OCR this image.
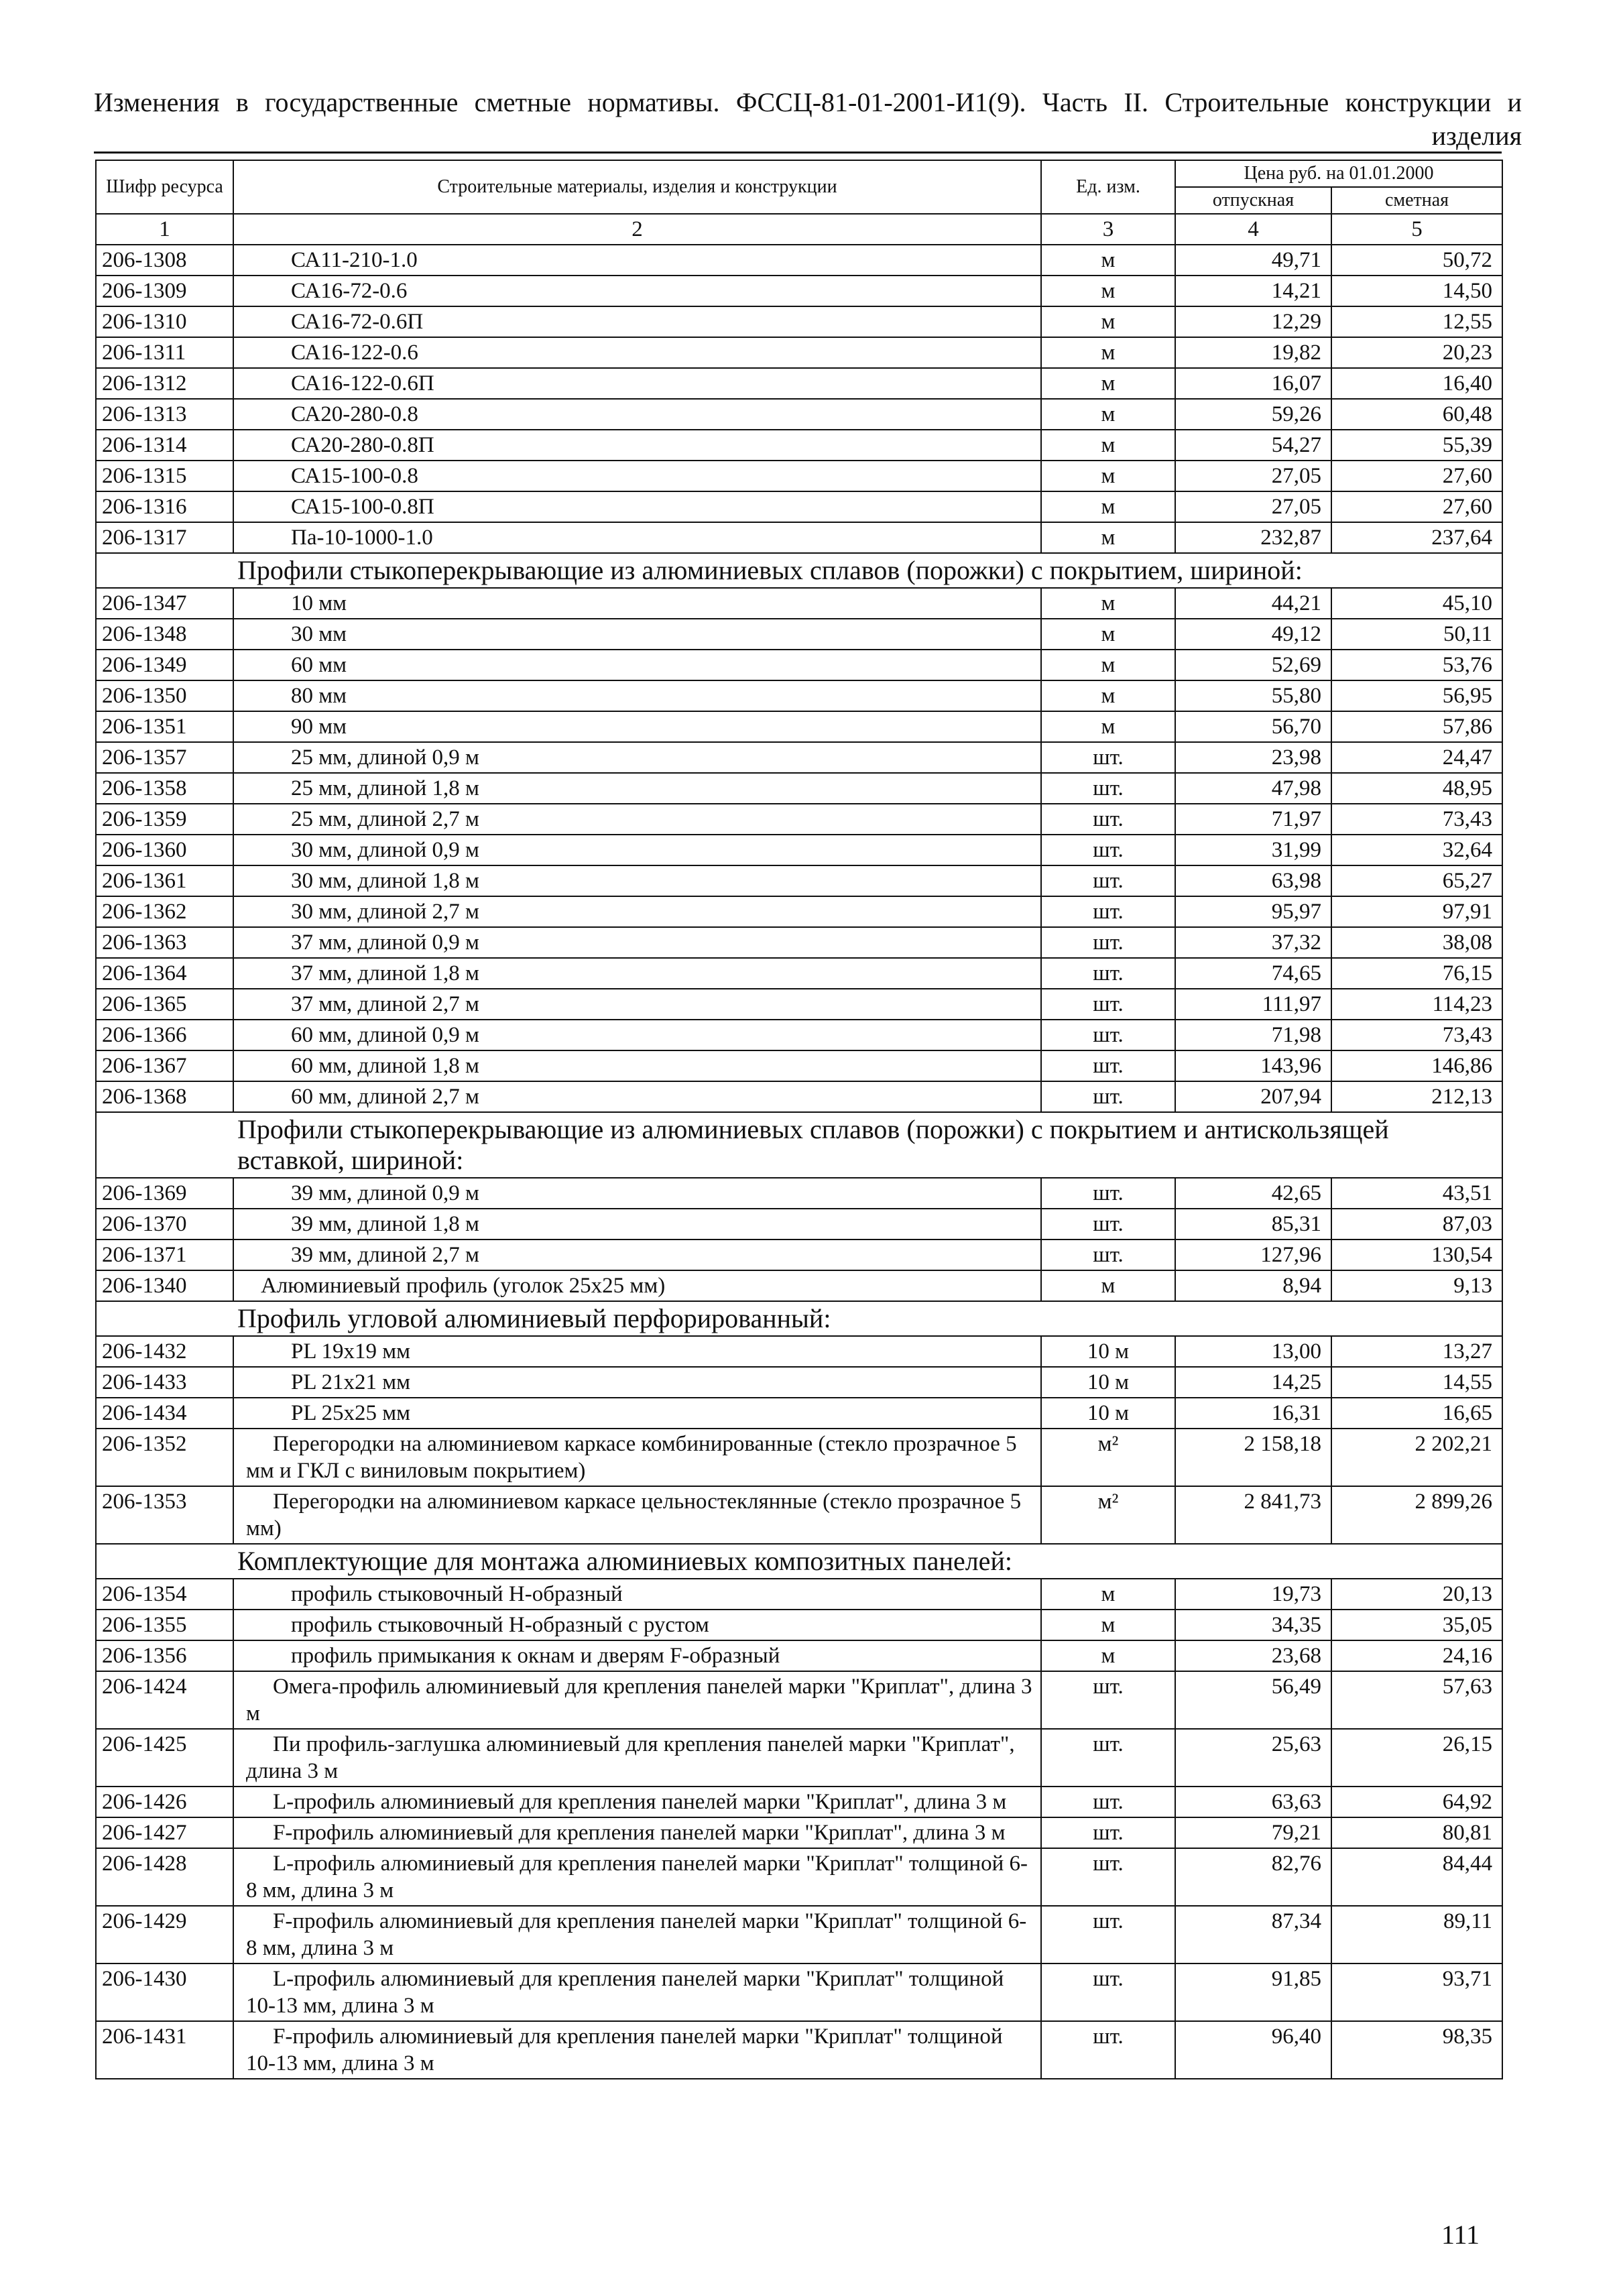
Изменения в государственные сметные нормативы. ФССЦ-81-01-2001-И1(9). Часть II. Строительные конструкции и изделия
Шифр ресурса	Строительные материалы, изделия и конструкции	Ед. изм.	Цена руб. на 01.01.2000	
			отпускная	сметная
1	2	3	4	5
206-1308	СА11-210-1.0	м	49,71	50,72
206-1309	СА16-72-0.6	м	14,21	14,50
206-1310	СА16-72-0.6П	м	12,29	12,55
206-1311	СА16-122-0.6	м	19,82	20,23
206-1312	СА16-122-0.6П	м	16,07	16,40
206-1313	СА20-280-0.8	м	59,26	60,48
206-1314	СА20-280-0.8П	м	54,27	55,39
206-1315	СА15-100-0.8	м	27,05	27,60
206-1316	СА15-100-0.8П	м	27,05	27,60
206-1317	Па-10-1000-1.0	м	232,87	237,64
Профили стыкоперекрывающие из алюминиевых сплавов (порожки) с покрытием, шириной:				
206-1347	10 мм	м	44,21	45,10
206-1348	30 мм	м	49,12	50,11
206-1349	60 мм	м	52,69	53,76
206-1350	80 мм	м	55,80	56,95
206-1351	90 мм	м	56,70	57,86
206-1357	25 мм, длиной 0,9 м	шт.	23,98	24,47
206-1358	25 мм, длиной 1,8 м	шт.	47,98	48,95
206-1359	25 мм, длиной 2,7 м	шт.	71,97	73,43
206-1360	30 мм, длиной 0,9 м	шт.	31,99	32,64
206-1361	30 мм, длиной 1,8 м	шт.	63,98	65,27
206-1362	30 мм, длиной 2,7 м	шт.	95,97	97,91
206-1363	37 мм, длиной 0,9 м	шт.	37,32	38,08
206-1364	37 мм, длиной 1,8 м	шт.	74,65	76,15
206-1365	37 мм, длиной 2,7 м	шт.	111,97	114,23
206-1366	60 мм, длиной 0,9 м	шт.	71,98	73,43
206-1367	60 мм, длиной 1,8 м	шт.	143,96	146,86
206-1368	60 мм, длиной 2,7 м	шт.	207,94	212,13
Профили стыкоперекрывающие из алюминиевых сплавов (порожки) с покрытием и антискользящей вставкой, шириной:				
206-1369	39 мм, длиной 0,9 м	шт.	42,65	43,51
206-1370	39 мм, длиной 1,8 м	шт.	85,31	87,03
206-1371	39 мм, длиной 2,7 м	шт.	127,96	130,54
206-1340	Алюминиевый профиль (уголок 25х25 мм)	м	8,94	9,13
Профиль угловой алюминиевый перфорированный:				
206-1432	PL 19х19 мм	10 м	13,00	13,27
206-1433	PL 21х21 мм	10 м	14,25	14,55
206-1434	PL 25х25 мм	10 м	16,31	16,65
206-1352	Перегородки на алюминиевом каркасе комбинированные (стекло прозрачное 5 мм и ГКЛ с виниловым покрытием)	м²	2 158,18	2 202,21
206-1353	Перегородки на алюминиевом каркасе цельностеклянные (стекло прозрачное 5 мм)	м²	2 841,73	2 899,26
Комплектующие для монтажа алюминиевых композитных панелей:				
206-1354	профиль стыковочный Н-образный	м	19,73	20,13
206-1355	профиль стыковочный Н-образный с рустом	м	34,35	35,05
206-1356	профиль примыкания к окнам и дверям F-образный	м	23,68	24,16
206-1424	Омега-профиль алюминиевый для крепления панелей марки "Криплат", длина 3 м	шт.	56,49	57,63
206-1425	Пи профиль-заглушка алюминиевый для крепления панелей марки "Криплат", длина 3 м	шт.	25,63	26,15
206-1426	L-профиль алюминиевый для крепления панелей марки "Криплат", длина 3 м	шт.	63,63	64,92
206-1427	F-профиль алюминиевый для крепления панелей марки "Криплат", длина 3 м	шт.	79,21	80,81
206-1428	L-профиль алюминиевый для крепления панелей марки "Криплат" толщиной 6-8 мм, длина 3 м	шт.	82,76	84,44
206-1429	F-профиль алюминиевый для крепления панелей марки "Криплат" толщиной 6-8 мм, длина 3 м	шт.	87,34	89,11
206-1430	L-профиль алюминиевый для крепления панелей марки "Криплат" толщиной 10-13 мм, длина 3 м	шт.	91,85	93,71
206-1431	F-профиль алюминиевый для крепления панелей марки "Криплат" толщиной 10-13 мм, длина 3 м	шт.	96,40	98,35
111
